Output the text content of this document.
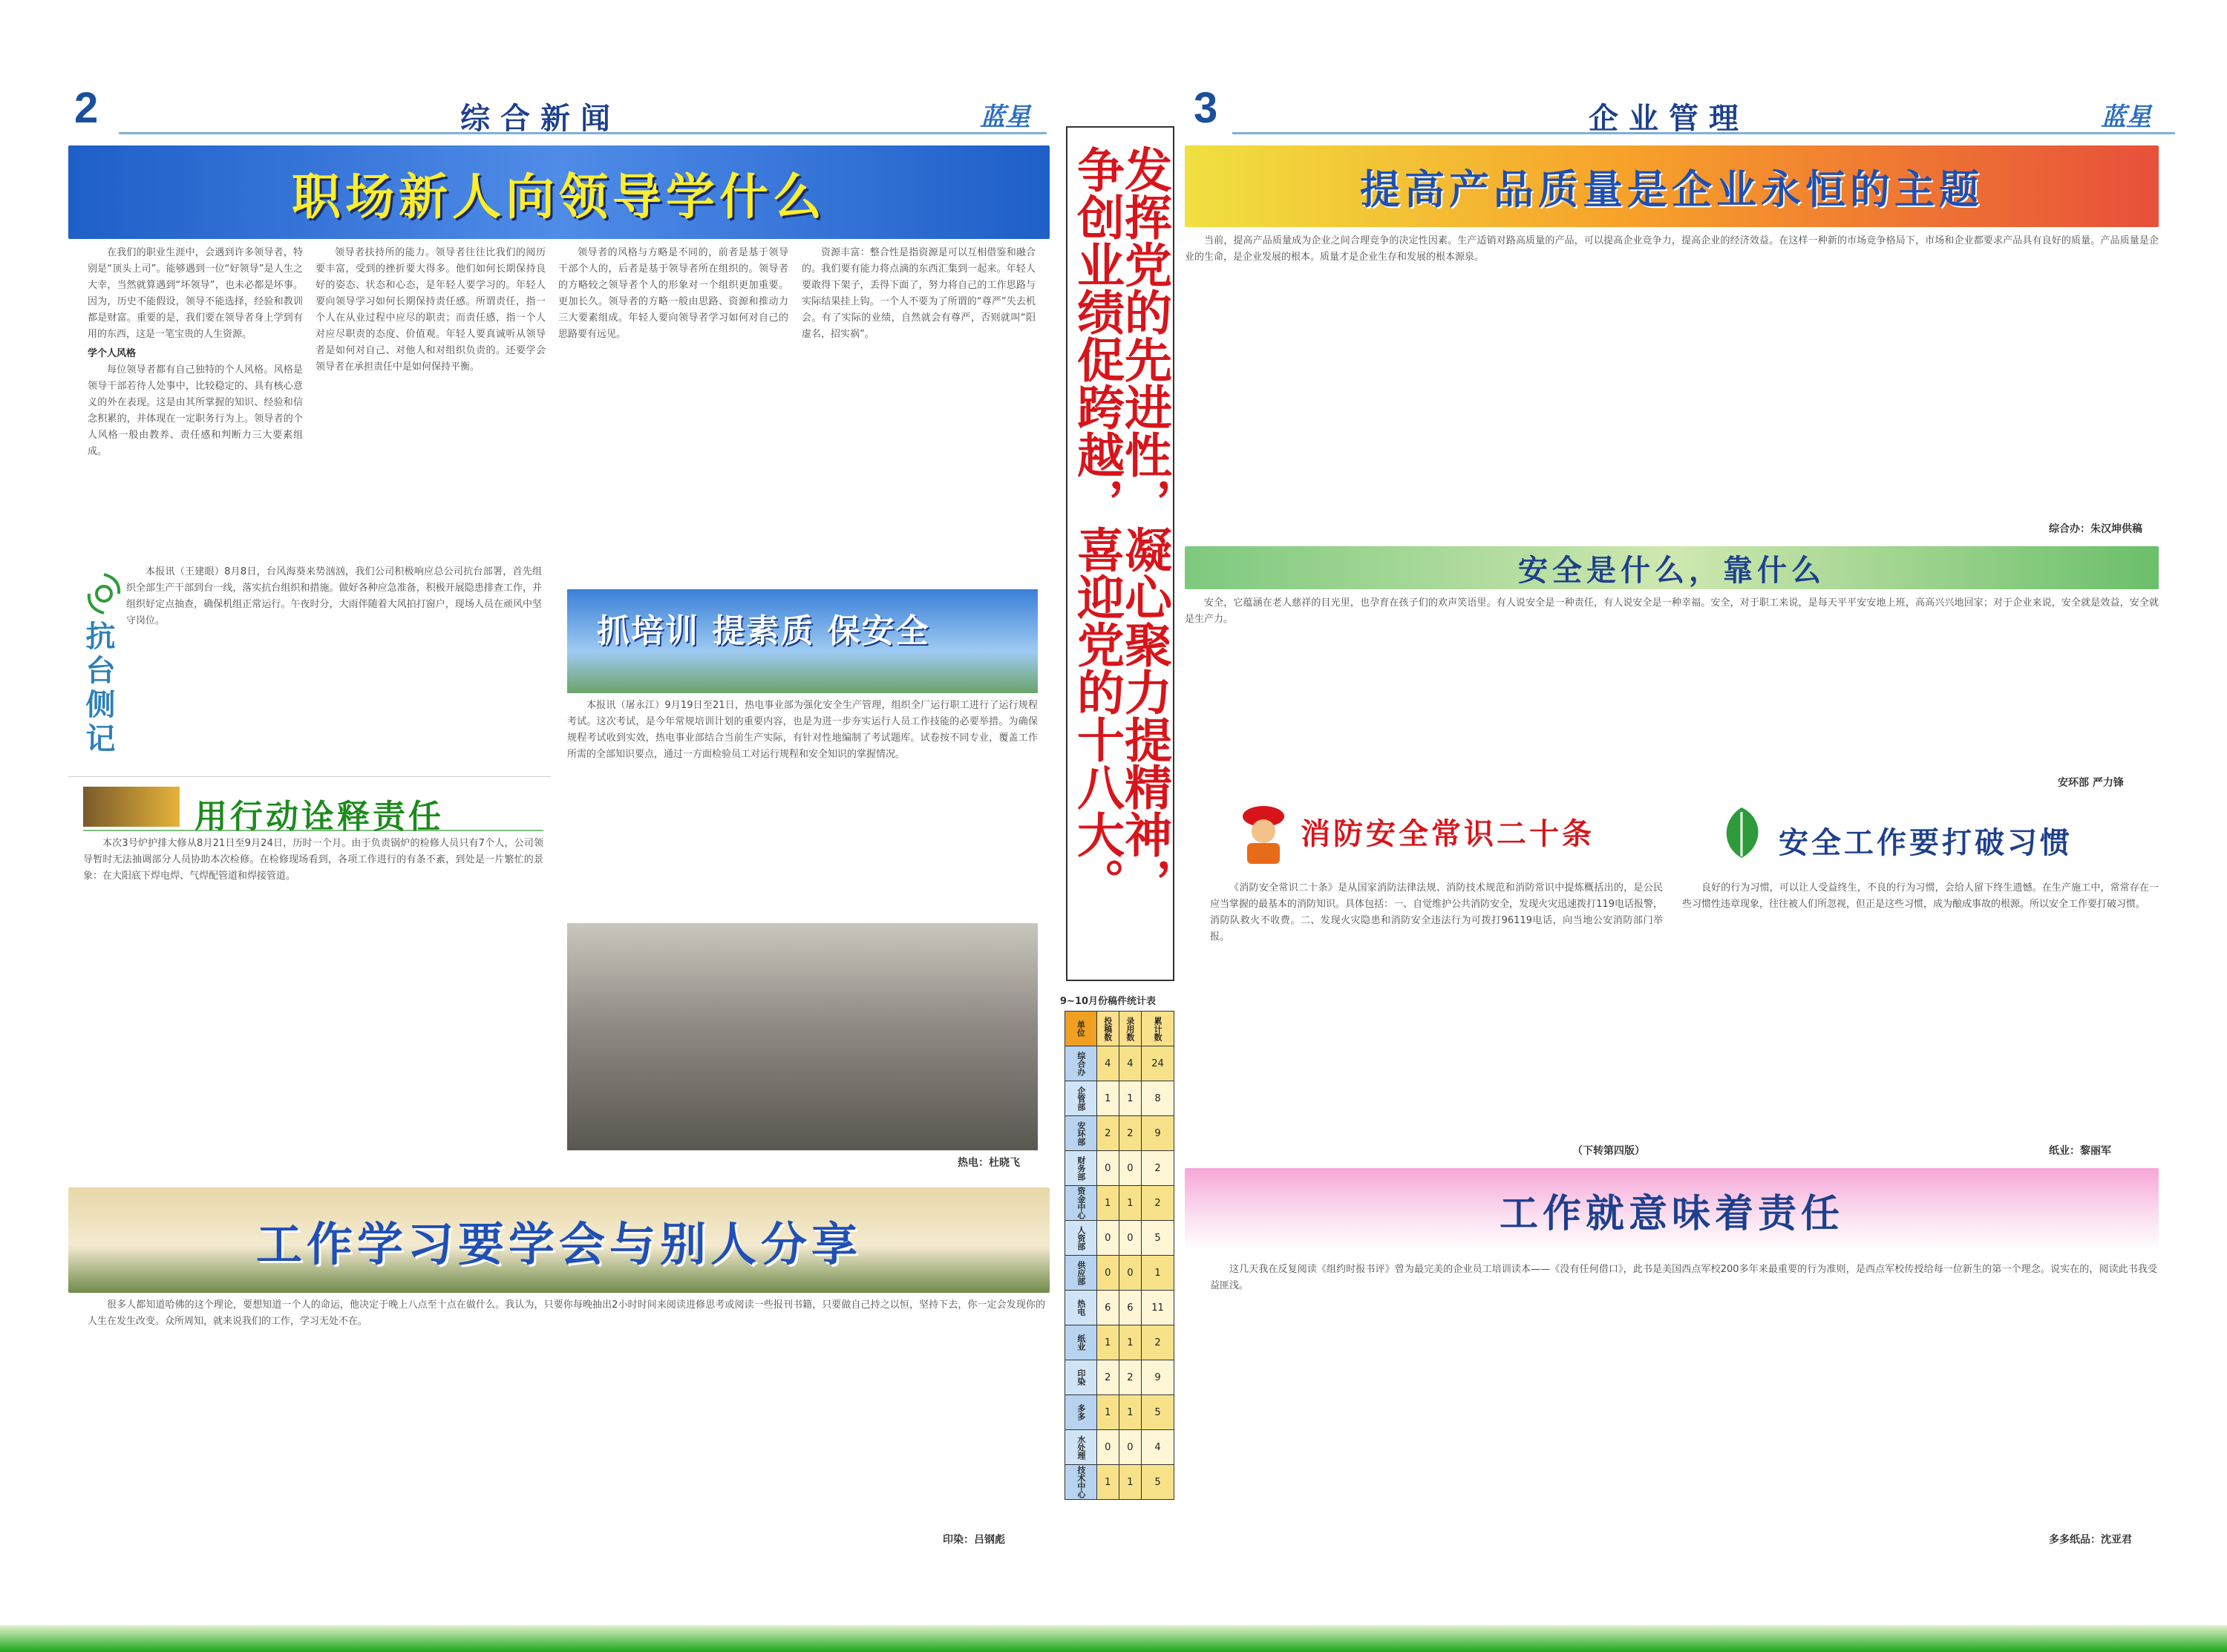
2	综合新闻	蓝星
职场新人向领导学什么

在我们的职业生涯中，会遇到许多领导者，特别是“顶头上司”。能够遇到一位“好领导”是人生之大幸，当然就算遇到“坏领导”，也未必都是坏事。因为，历史不能假设，领导不能选择，经验和教训都是财富。重要的是，我们要在领导者身上学到有用的东西，这是一笔宝贵的人生资源。

学个人风格

每位领导者都有自己独特的个人风格。风格是领导干部若待人处事中，比较稳定的、具有核心意义的外在表现。这是由其所掌握的知识、经验和信念积累的，并体现在一定职务行为上。领导者的个人风格一般由教养、责任感和判断力三大要素组成。

领导者扶持所的能力。领导者往往比我们的阅历要丰富，受到的挫折要大得多。他们如何长期保持良好的姿态、状态和心态，是年轻人要学习的。年轻人要向领导学习如何长期保持责任感。所谓责任，指一个人在从业过程中应尽的职责；而责任感，指一个人对应尽职责的态度、价值观。年轻人要真诚听从领导者是如何对自己、对他人和对组织负责的。还要学会领导者在承担责任中是如何保持平衡。

领导者的风格与方略是不同的，前者是基于领导干部个人的，后者是基于领导者所在组织的。领导者的方略较之领导者个人的形象对一个组织更加重要。更加长久。领导者的方略一般由思路、资源和推动力三大要素组成。年轻人要向领导者学习如何对自己的思路要有远见。

资源丰富：整合性是指资源是可以互相借鉴和融合的。我们要有能力将点滴的东西汇集到一起来。年轻人要敢得下架子，丢得下面了，努力将自己的工作思路与实际结果挂上钩。一个人不要为了所谓的“尊严”失去机会。有了实际的业绩，自然就会有尊严，否则就叫“阳虚名，招实祸”。

抗台侧记
本报讯（王建眼）8月8日，台风海葵来势汹汹，我们公司积极响应总公司抗台部署，首先组织全部生产干部到台一线，落实抗台组织和措施。做好各种应急准备，积极开展隐患排查工作，并组织好定点抽查，确保机组正常运行。午夜时分，大雨伴随着大风拍打窗户，现场人员在顽风中坚守岗位。
用行动诠释责任

本次3号炉护排大修从8月21日至9月24日，历时一个月。由于负责锅炉的检修人员只有7个人，公司领导暂时无法抽调部分人员协助本次检修。在检修现场看到，各项工作进行的有条不紊，到处是一片繁忙的景象：在大阳底下焊电焊、气焊配管道和焊接管道。

抓培训 提素质 保安全

本报讯（屠永江）9月19日至21日，热电事业部为强化安全生产管理，组织全厂运行职工进行了运行规程考试。这次考试，是今年常规培训计划的重要内容，也是为进一步夯实运行人员工作技能的必要举措。为确保规程考试收到实效，热电事业部结合当前生产实际，有针对性地编制了考试题库。试卷按不同专业，覆盖工作所需的全部知识要点，通过一方面检验员工对运行规程和安全知识的掌握情况。

热电：杜晓飞
工作学习要学会与别人分享

很多人都知道哈佛的这个理论，要想知道一个人的命运，他决定于晚上八点至十点在做什么。我认为，只要你每晚抽出2小时时间来阅读进修思考或阅读一些报刊书籍，只要做自己持之以恒，坚持下去，你一定会发现你的人生在发生改变。众所周知，就来说我们的工作，学习无处不在。

印染：吕钢彪
发挥党的先进性，凝心聚力提精神，
争创业绩促跨越，喜迎党的十八大。
9~10月份稿件统计表
单位	投稿数	录用数	累计数
综合办	4	4	24
企管部	1	1	8
安环部	2	2	9
财务部	0	0	2
资金中心	1	1	2
人资部	0	0	5
供应部	0	0	1
热电	6	6	11
纸业	1	1	2
印染	2	2	9
多多	1	1	5
水处理	0	0	4
技术中心	1	1	5
3	企业管理	蓝星
提高产品质量是企业永恒的主题

当前，提高产品质量成为企业之间合理竞争的决定性因素。生产适销对路高质量的产品，可以提高企业竞争力，提高企业的经济效益。在这样一种新的市场竞争格局下，市场和企业都要求产品具有良好的质量。产品质量是企业的生命，是企业发展的根本。质量才是企业生存和发展的根本源泉。

综合办：朱汉坤供稿
安全是什么，靠什么

安全，它蕴涵在老人慈祥的目光里，也孕育在孩子们的欢声笑语里。有人说安全是一种责任，有人说安全是一种幸福。安全，对于职工来说，是每天平平安安地上班，高高兴兴地回家；对于企业来说，安全就是效益，安全就是生产力。

安环部 严力锋
消防安全常识二十条

《消防安全常识二十条》是从国家消防法律法规、消防技术规范和消防常识中提炼概括出的，是公民应当掌握的最基本的消防知识。具体包括：一、自觉维护公共消防安全，发现火灾迅速拨打119电话报警，消防队救火不收费。二、发现火灾隐患和消防安全违法行为可拨打96119电话，向当地公安消防部门举报。

（下转第四版）
安全工作要打破习惯

良好的行为习惯，可以让人受益终生，不良的行为习惯，会给人留下终生遗憾。在生产施工中，常常存在一些习惯性违章现象，往往被人们所忽视，但正是这些习惯，成为酿成事故的根源。所以安全工作要打破习惯。

纸业：黎丽军
工作就意味着责任

这几天我在反复阅读《组约时报书评》曾为最完美的企业员工培训读本——《没有任何借口》，此书是美国西点军校200多年来最重要的行为准则，是西点军校传授给每一位新生的第一个理念。说实在的，阅读此书我受益匪浅。

多多纸品：沈亚君
